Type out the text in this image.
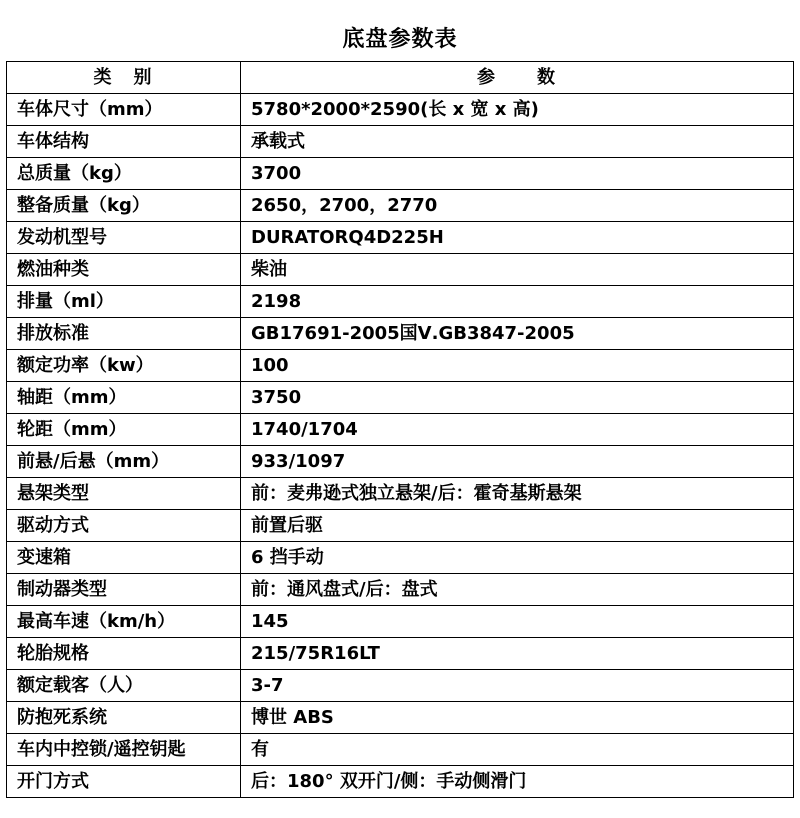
底盘参数表
类　别	参　　数
车体尺寸（mm）	5780*2000*2590(长 x 宽 x 高)
车体结构	承载式
总质量（kg）	3700
整备质量（kg）	2650，2700，2770
发动机型号	DURATORQ4D225H
燃油种类	柴油
排量（ml）	2198
排放标准	GB17691-2005国Ⅴ.GB3847-2005
额定功率（kw）	100
轴距（mm）	3750
轮距（mm）	1740/1704
前悬/后悬（mm）	933/1097
悬架类型	前：麦弗逊式独立悬架/后：霍奇基斯悬架
驱动方式	前置后驱
变速箱	6 挡手动
制动器类型	前：通风盘式/后：盘式
最高车速（km/h）	145
轮胎规格	215/75R16LT
额定载客（人）	3-7
防抱死系统	博世 ABS
车内中控锁/遥控钥匙	有
开门方式	后：180° 双开门/侧：手动侧滑门
